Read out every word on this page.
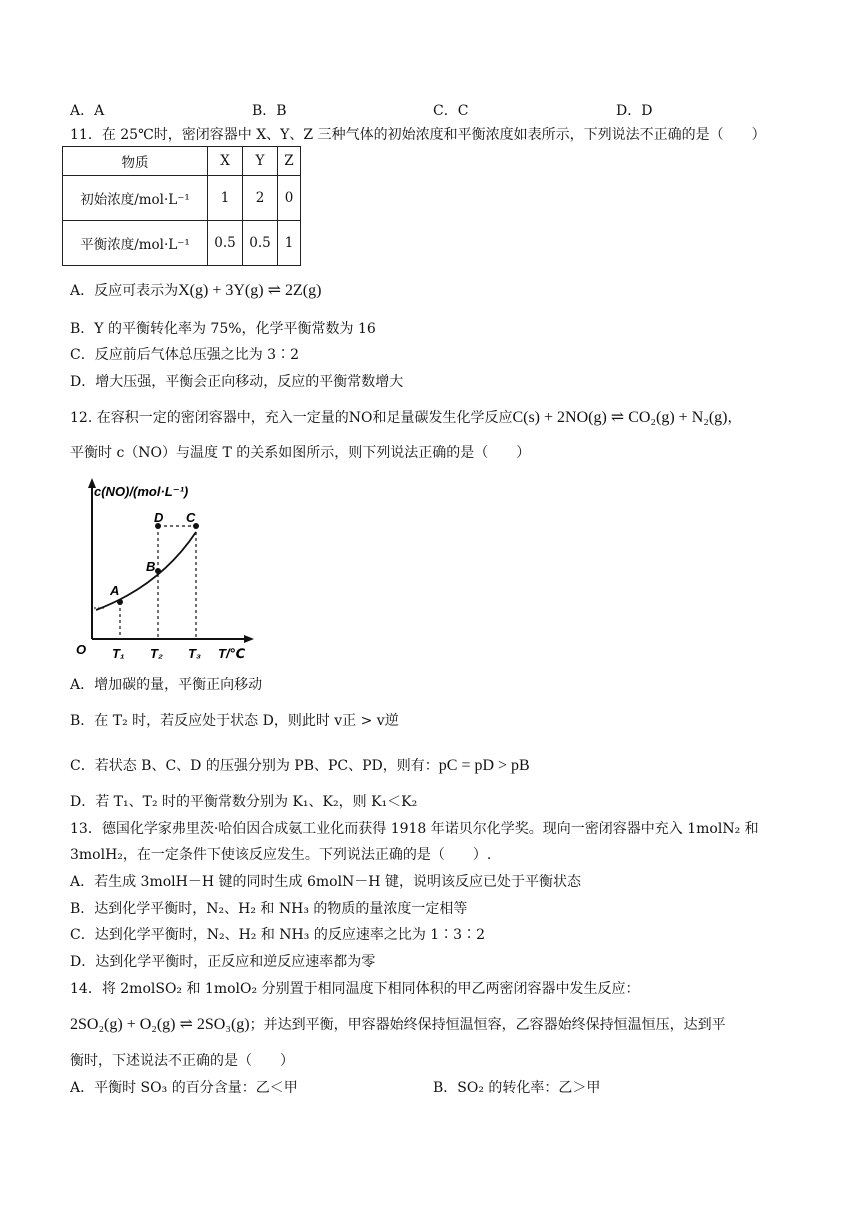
A．A	B．B	C．C	D．D
11．在 25℃时，密闭容器中 X、Y、Z 三种气体的初始浓度和平衡浓度如表所示，下列说法不正确的是（　　）
物质	X	Y	Z
初始浓度/mol·L⁻¹	1	2	0
平衡浓度/mol·L⁻¹	0.5	0.5	1
A．反应可表示为X(g) + 3Y(g) ⇌ 2Z(g)
B．Y 的平衡转化率为 75%，化学平衡常数为 16
C．反应前后气体总压强之比为 3∶2
D．增大压强，平衡会正向移动，反应的平衡常数增大
12. 在容积一定的密闭容器中，充入一定量的NO和足量碳发生化学反应C(s) + 2NO(g) ⇌ CO₂(g) + N₂(g)，
平衡时 c（NO）与温度 T 的关系如图所示，则下列说法正确的是（　　）
c(NO)/(mol·L⁻¹)
O	T/℃
T₁ T₂ T₃
A
B
C
D
A．增加碳的量，平衡正向移动
B．在 T₂ 时，若反应处于状态 D，则此时 v正 > v逆
C．若状态 B、C、D 的压强分别为 PB、PC、PD，则有：pC = pD > pB
D．若 T₁、T₂ 时的平衡常数分别为 K₁、K₂，则 K₁＜K₂
13．德国化学家弗里茨·哈伯因合成氨工业化而获得 1918 年诺贝尔化学奖。现向一密闭容器中充入 1molN₂ 和
3molH₂，在一定条件下使该反应发生。下列说法正确的是（　　）.
A．若生成 3molH－H 键的同时生成 6molN－H 键，说明该反应已处于平衡状态
B．达到化学平衡时，N₂、H₂ 和 NH₃ 的物质的量浓度一定相等
C．达到化学平衡时，N₂、H₂ 和 NH₃ 的反应速率之比为 1∶3∶2
D．达到化学平衡时，正反应和逆反应速率都为零
14．将 2molSO₂ 和 1molO₂ 分别置于相同温度下相同体积的甲乙两密闭容器中发生反应：
2SO₂(g) + O₂(g) ⇌ 2SO₃(g)；并达到平衡，甲容器始终保持恒温恒容，乙容器始终保持恒温恒压，达到平
衡时，下述说法不正确的是（　　）
A．平衡时 SO₃ 的百分含量：乙＜甲	B．SO₂ 的转化率：乙＞甲
